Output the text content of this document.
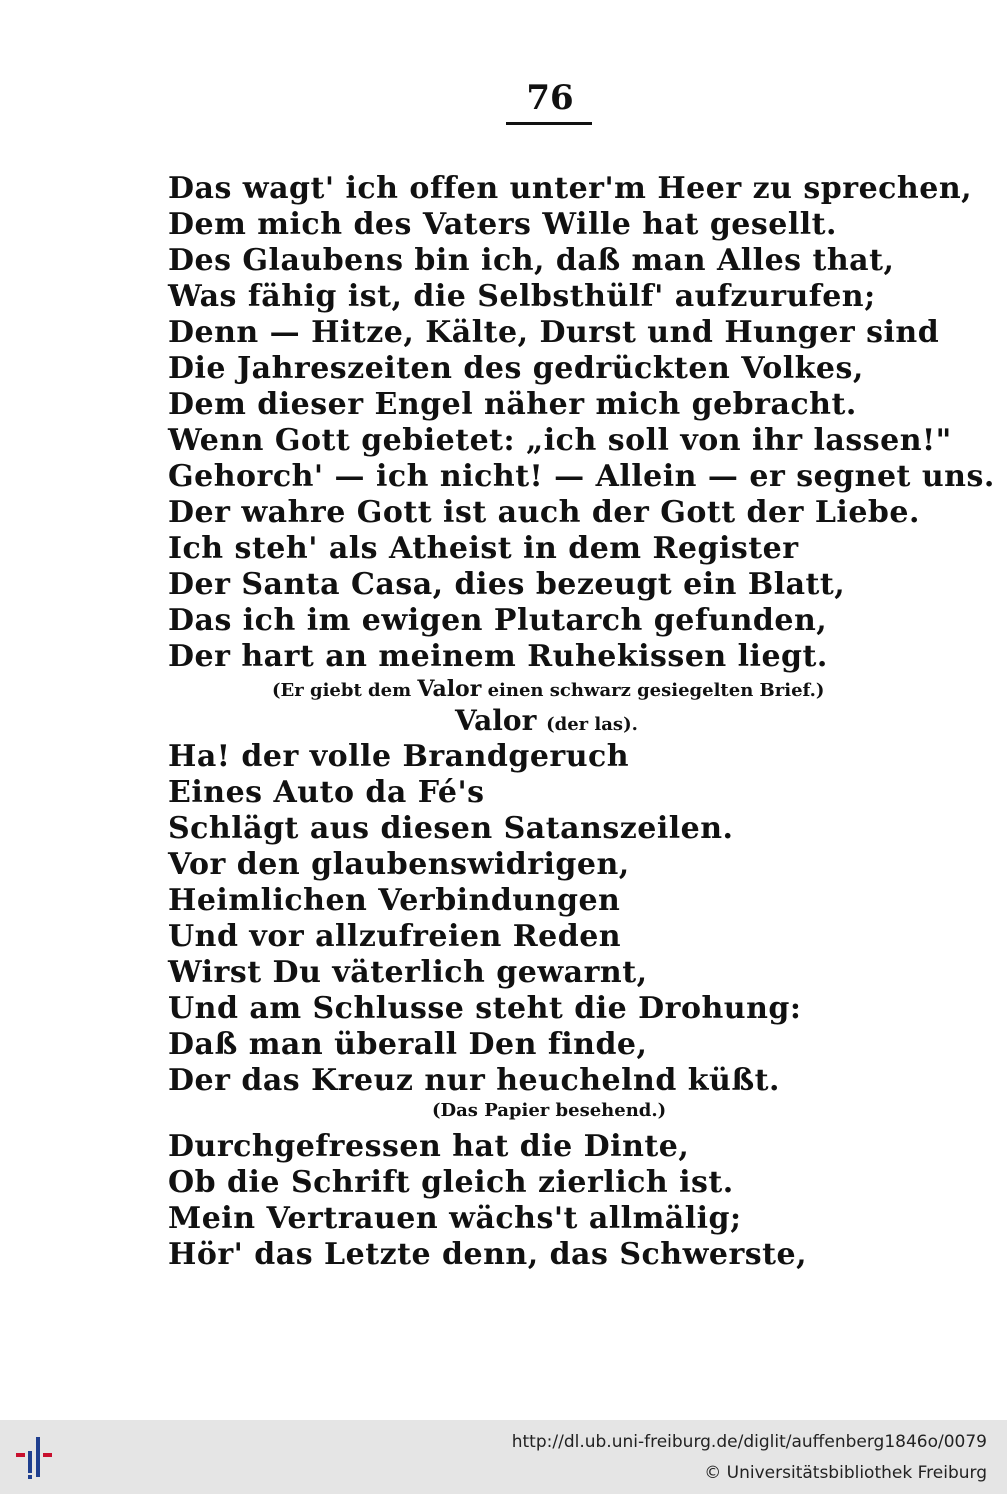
76
Das wagt' ich offen unter'm Heer zu sprechen,
Dem mich des Vaters Wille hat gesellt.
Des Glaubens bin ich, daß man Alles that,
Was fähig ist, die Selbsthülf' aufzurufen;
Denn — Hitze, Kälte, Durst und Hunger sind
Die Jahreszeiten des gedrückten Volkes,
Dem dieser Engel näher mich gebracht.
Wenn Gott gebietet: „ich soll von ihr lassen!"
Gehorch' — ich nicht! — Allein — er segnet uns.
Der wahre Gott ist auch der Gott der Liebe.
Ich steh' als Atheist in dem Register
Der Santa Casa, dies bezeugt ein Blatt,
Das ich im ewigen Plutarch gefunden,
Der hart an meinem Ruhekissen liegt.
(Er giebt dem Valor einen schwarz gesiegelten Brief.)
Valor (der las).
Ha! der volle Brandgeruch
Eines Auto da Fé's
Schlägt aus diesen Satanszeilen.
Vor den glaubenswidrigen,
Heimlichen Verbindungen
Und vor allzufreien Reden
Wirst Du väterlich gewarnt,
Und am Schlusse steht die Drohung:
Daß man überall Den finde,
Der das Kreuz nur heuchelnd küßt.
(Das Papier besehend.)
Durchgefressen hat die Dinte,
Ob die Schrift gleich zierlich ist.
Mein Vertrauen wächs't allmälig;
Hör' das Letzte denn, das Schwerste,
http://dl.ub.uni-freiburg.de/diglit/auffenberg1846o/0079
© Universitätsbibliothek Freiburg
